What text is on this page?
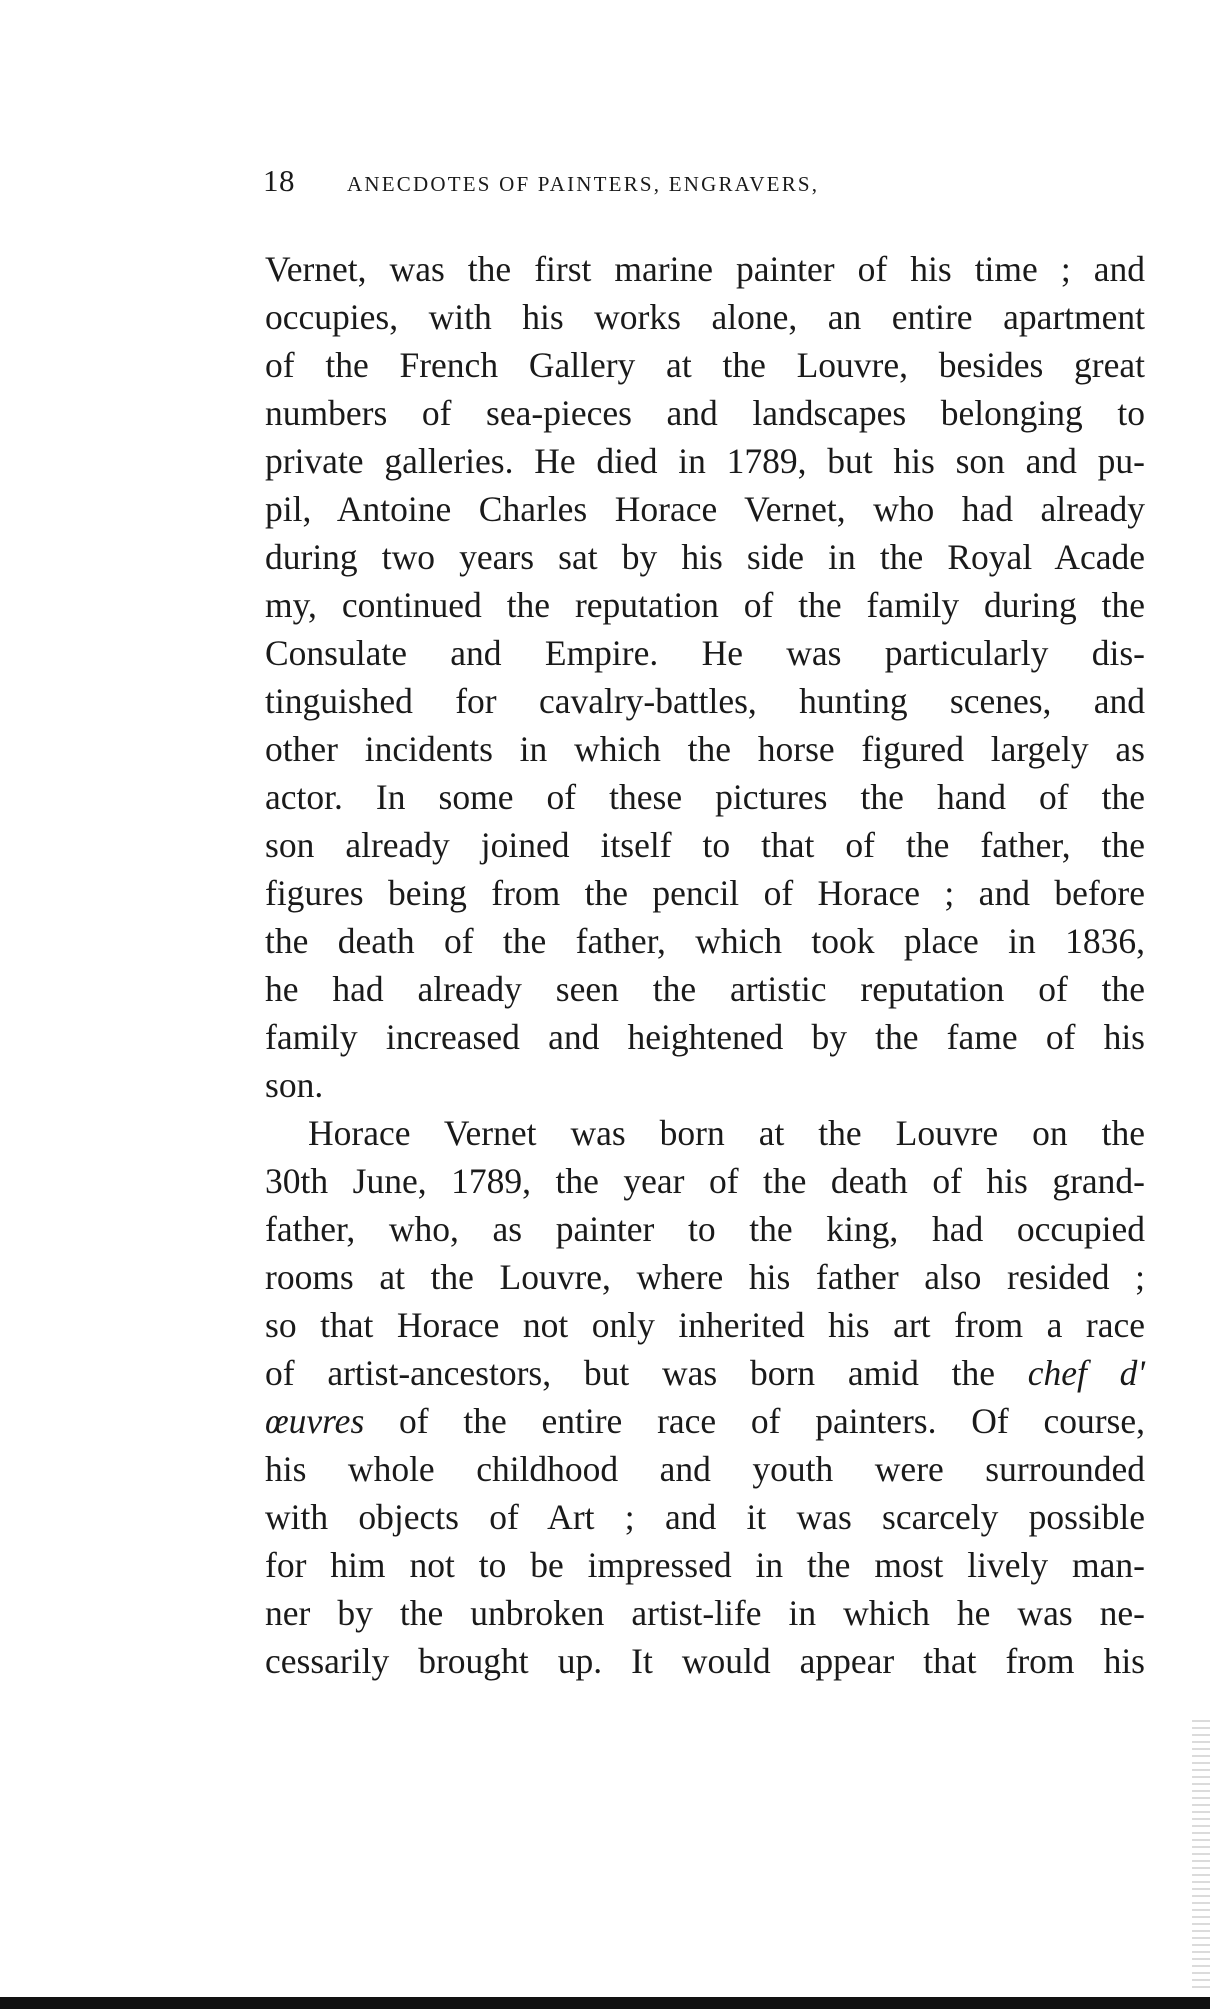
18 ANECDOTES OF PAINTERS, ENGRAVERS,
Vernet, was the first marine painter of his time ; and
occupies, with his works alone, an entire apartment
of the French Gallery at the Louvre, besides great
numbers of sea-pieces and landscapes belonging to
private galleries. He died in 1789, but his son and pu-
pil, Antoine Charles Horace Vernet, who had already
during two years sat by his side in the Royal Acade
my, continued the reputation of the family during the
Consulate and Empire. He was particularly dis-
tinguished for cavalry-battles, hunting scenes, and
other incidents in which the horse figured largely as
actor. In some of these pictures the hand of the
son already joined itself to that of the father, the
figures being from the pencil of Horace ; and before
the death of the father, which took place in 1836,
he had already seen the artistic reputation of the
family increased and heightened by the fame of his
son.
Horace Vernet was born at the Louvre on the
30th June, 1789, the year of the death of his grand-
father, who, as painter to the king, had occupied
rooms at the Louvre, where his father also resided ;
so that Horace not only inherited his art from a race
of artist-ancestors, but was born amid the chef d'
œuvres of the entire race of painters. Of course,
his whole childhood and youth were surrounded
with objects of Art ; and it was scarcely possible
for him not to be impressed in the most lively man-
ner by the unbroken artist-life in which he was ne-
cessarily brought up. It would appear that from his
